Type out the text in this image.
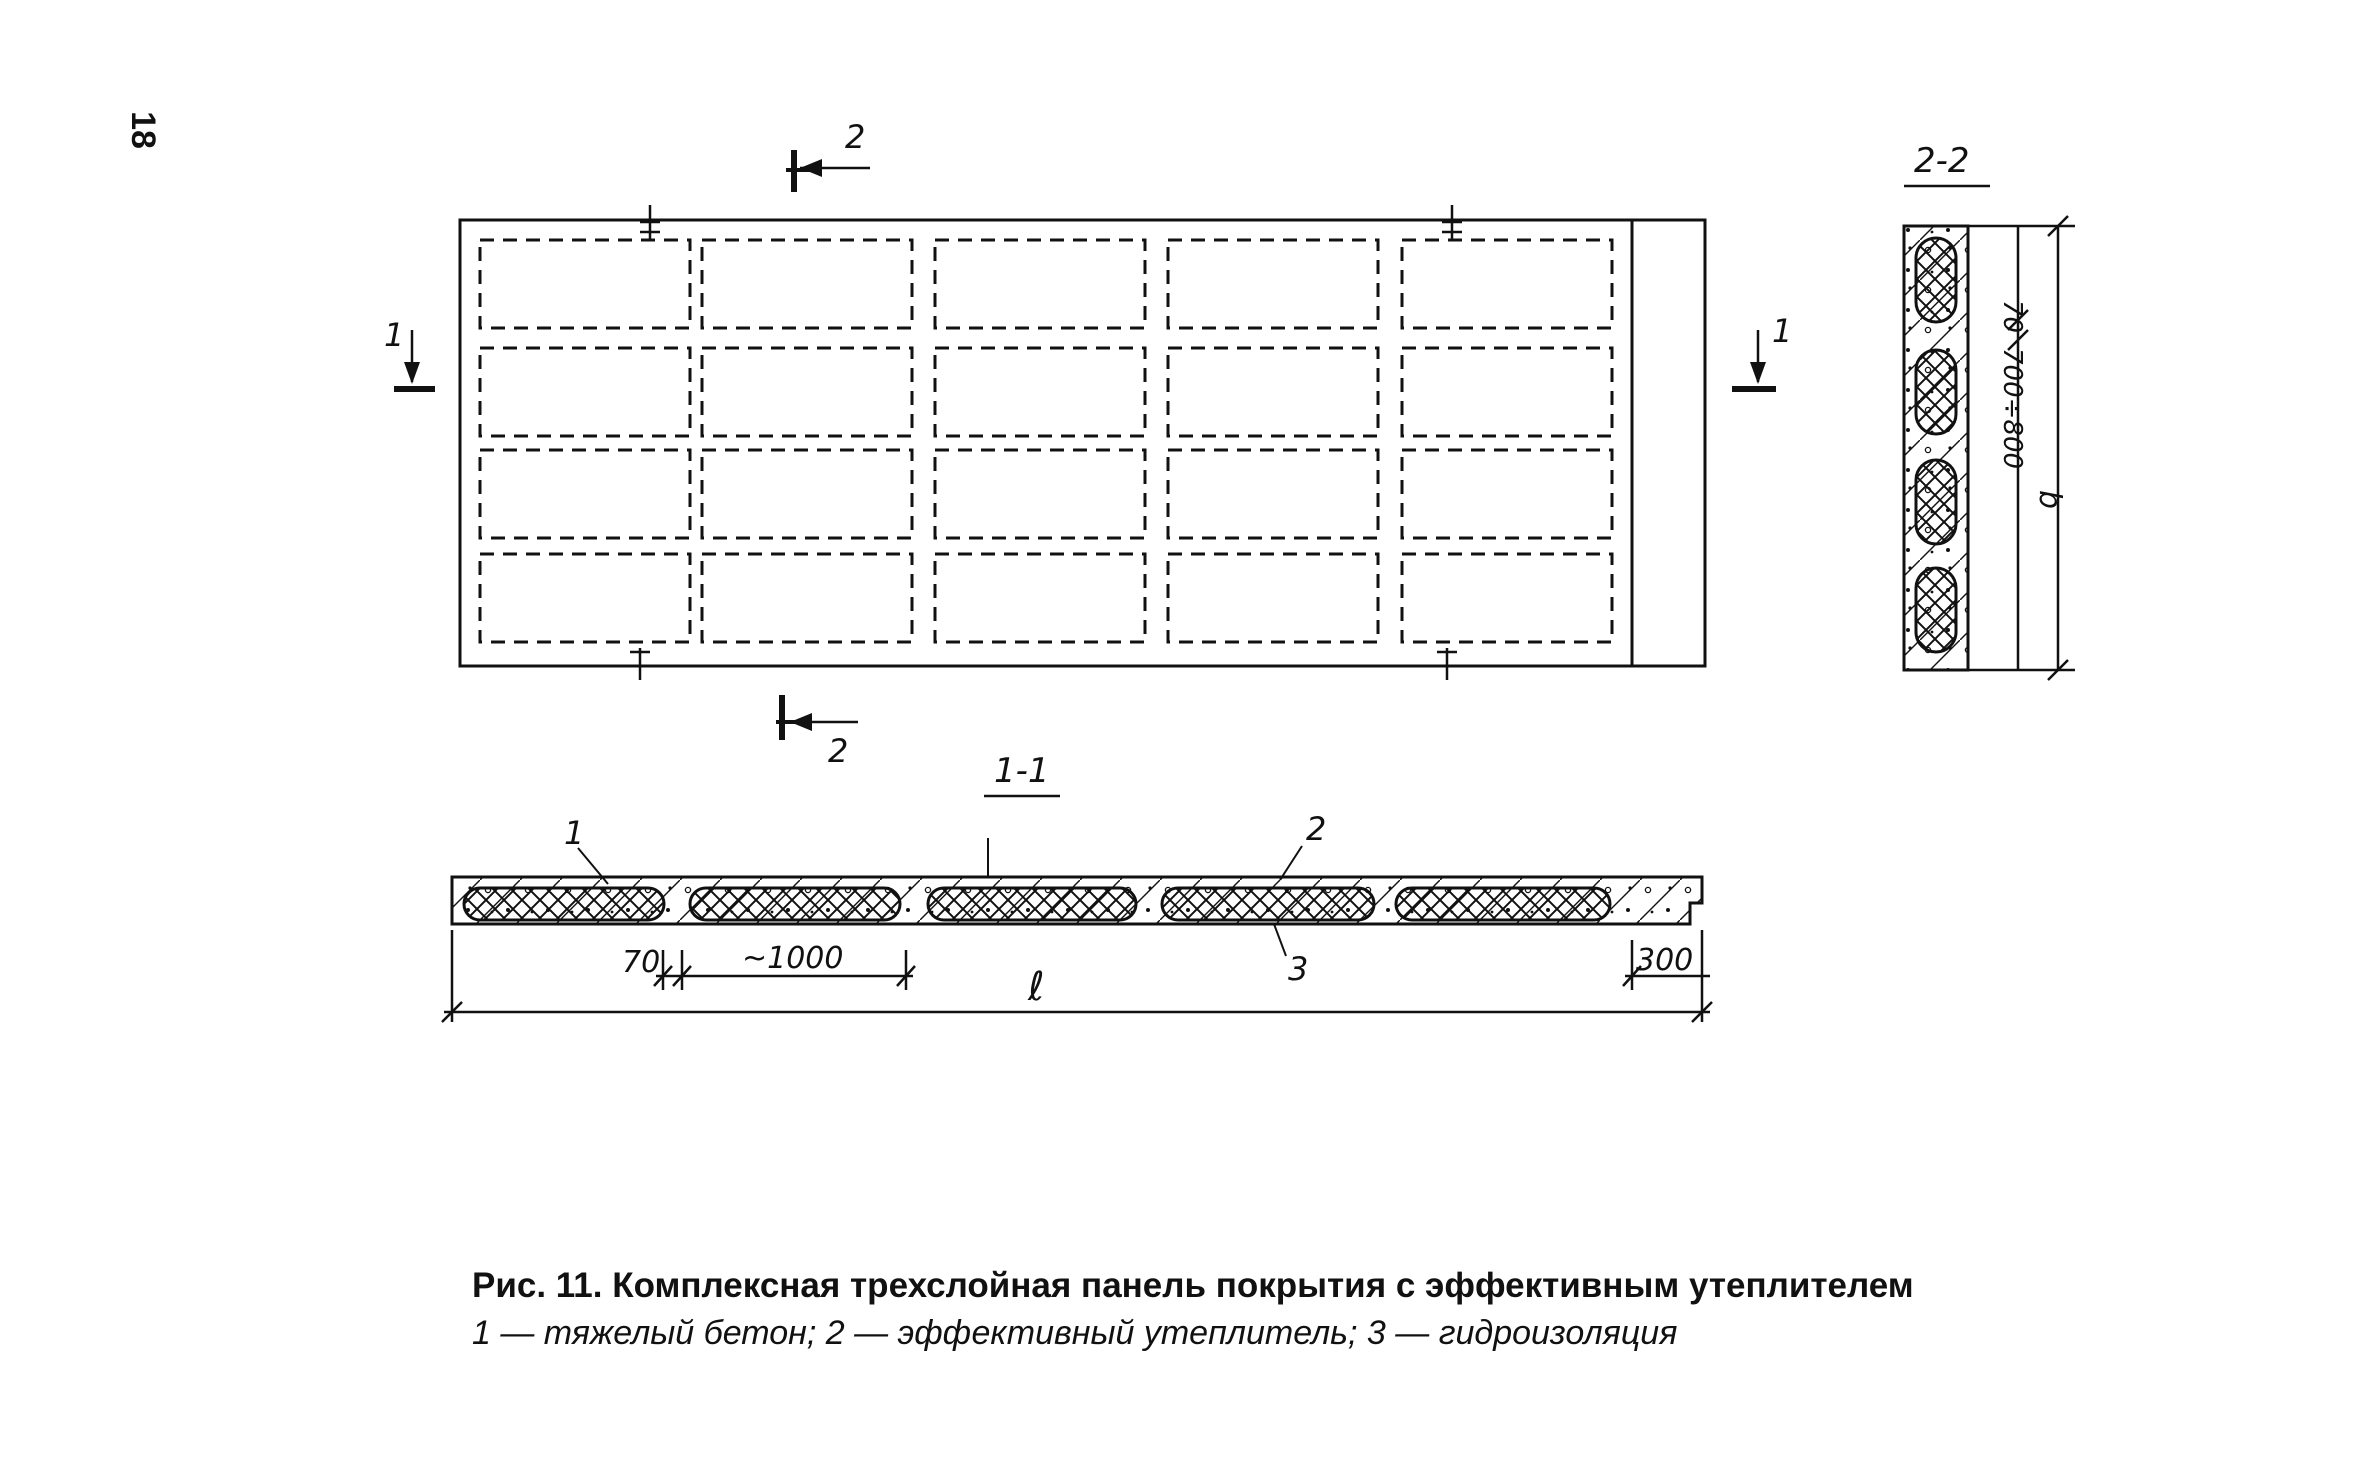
18	2
2
1	1
2-2
70
700÷800
b
1-1
1	2
3
70	~1000
ℓ
300
Рис. 11. Комплексная трехслойная панель покрытия с эффективным утеплителем
1 — тяжелый бетон; 2 — эффективный утеплитель; 3 — гидроизоляция
